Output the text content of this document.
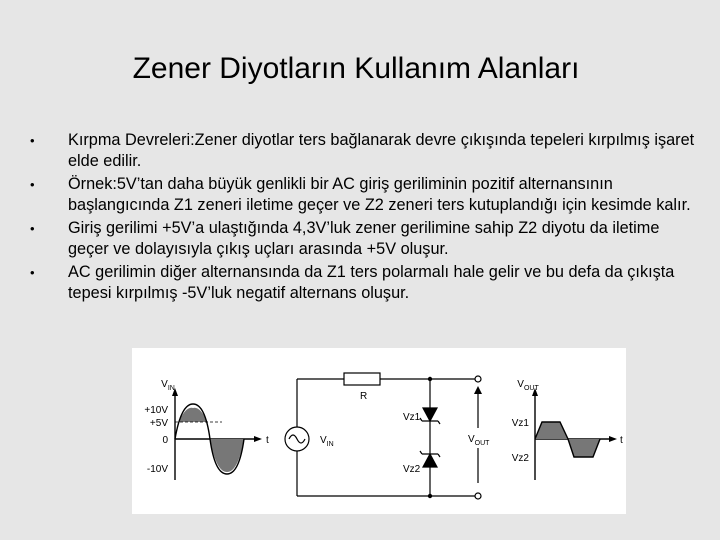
Zener Diyotların Kullanım Alanları
• Kırpma Devreleri:Zener diyotlar ters bağlanarak devre çıkışında tepeleri kırpılmış işaret elde edilir.
• Örnek:5V’tan daha büyük genlikli bir AC giriş geriliminin pozitif alternansının başlangıcında Z1 zeneri iletime geçer ve Z2 zeneri ters kutuplandığı için kesimde kalır.
• Giriş gerilimi +5V’a ulaştığında 4,3V’luk zener gerilimine sahip Z2 diyotu da iletime geçer ve dolayısıyla çıkış uçları arasında +5V oluşur.
• AC gerilimin diğer alternansında da Z1 ters polarmalı hale gelir ve bu defa da çıkışta tepesi kırpılmış -5V’luk negatif alternans oluşur.
$V_{IN}$
+10V
+5V
0
-10V
t
R
Vz1
Vz2
$V_{IN}$	$V_{OUT}$
$V_{OUT}$
Vz1
Vz2
t
